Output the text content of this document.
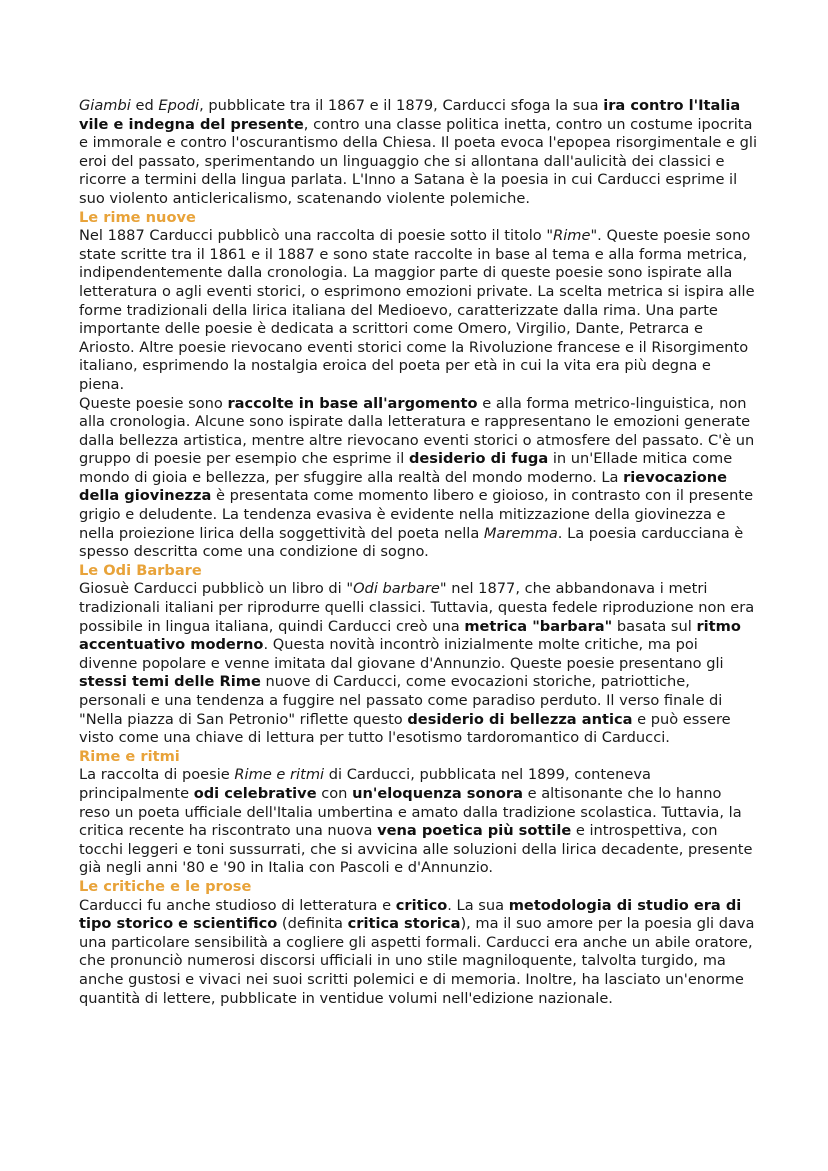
Giambi ed Epodi, pubblicate tra il 1867 e il 1879, Carducci sfoga la sua ira contro l'Italia vile e indegna del presente, contro una classe politica inetta, contro un costume ipocrita e immorale e contro l'oscurantismo della Chiesa. Il poeta evoca l'epopea risorgimentale e gli eroi del passato, sperimentando un linguaggio che si allontana dall'aulicità dei classici e ricorre a termini della lingua parlata. L'Inno a Satana è la poesia in cui Carducci esprime il suo violento anticlericalismo, scatenando violente polemiche.

Le rime nuove

Nel 1887 Carducci pubblicò una raccolta di poesie sotto il titolo "Rime". Queste poesie sono state scritte tra il 1861 e il 1887 e sono state raccolte in base al tema e alla forma metrica, indipendentemente dalla cronologia. La maggior parte di queste poesie sono ispirate alla letteratura o agli eventi storici, o esprimono emozioni private. La scelta metrica si ispira alle forme tradizionali della lirica italiana del Medioevo, caratterizzate dalla rima. Una parte importante delle poesie è dedicata a scrittori come Omero, Virgilio, Dante, Petrarca e Ariosto. Altre poesie rievocano eventi storici come la Rivoluzione francese e il Risorgimento italiano, esprimendo la nostalgia eroica del poeta per età in cui la vita era più degna e piena.

Queste poesie sono raccolte in base all'argomento e alla forma metrico-linguistica, non alla cronologia. Alcune sono ispirate dalla letteratura e rappresentano le emozioni generate dalla bellezza artistica, mentre altre rievocano eventi storici o atmosfere del passato. C'è un gruppo di poesie per esempio che esprime il desiderio di fuga in un'Ellade mitica come mondo di gioia e bellezza, per sfuggire alla realtà del mondo moderno. La rievocazione della giovinezza è presentata come momento libero e gioioso, in contrasto con il presente grigio e deludente. La tendenza evasiva è evidente nella mitizzazione della giovinezza e nella proiezione lirica della soggettività del poeta nella Maremma. La poesia carducciana è spesso descritta come una condizione di sogno.

Le Odi Barbare

Giosuè Carducci pubblicò un libro di "Odi barbare" nel 1877, che abbandonava i metri tradizionali italiani per riprodurre quelli classici. Tuttavia, questa fedele riproduzione non era possibile in lingua italiana, quindi Carducci creò una metrica "barbara" basata sul ritmo accentuativo moderno. Questa novità incontrò inizialmente molte critiche, ma poi divenne popolare e venne imitata dal giovane d'Annunzio. Queste poesie presentano gli stessi temi delle Rime nuove di Carducci, come evocazioni storiche, patriottiche, personali e una tendenza a fuggire nel passato come paradiso perduto. Il verso finale di "Nella piazza di San Petronio" riflette questo desiderio di bellezza antica e può essere visto come una chiave di lettura per tutto l'esotismo tardoromantico di Carducci.

Rime e ritmi

La raccolta di poesie Rime e ritmi di Carducci, pubblicata nel 1899, conteneva principalmente odi celebrative con un'eloquenza sonora e altisonante che lo hanno reso un poeta ufficiale dell'Italia umbertina e amato dalla tradizione scolastica. Tuttavia, la critica recente ha riscontrato una nuova vena poetica più sottile e introspettiva, con tocchi leggeri e toni sussurrati, che si avvicina alle soluzioni della lirica decadente, presente già negli anni '80 e '90 in Italia con Pascoli e d'Annunzio.

Le critiche e le prose

Carducci fu anche studioso di letteratura e critico. La sua metodologia di studio era di tipo storico e scientifico (definita critica storica), ma il suo amore per la poesia gli dava una particolare sensibilità a cogliere gli aspetti formali. Carducci era anche un abile oratore, che pronunciò numerosi discorsi ufficiali in uno stile magniloquente, talvolta turgido, ma anche gustosi e vivaci nei suoi scritti polemici e di memoria. Inoltre, ha lasciato un'enorme quantità di lettere, pubblicate in ventidue volumi nell'edizione nazionale.
